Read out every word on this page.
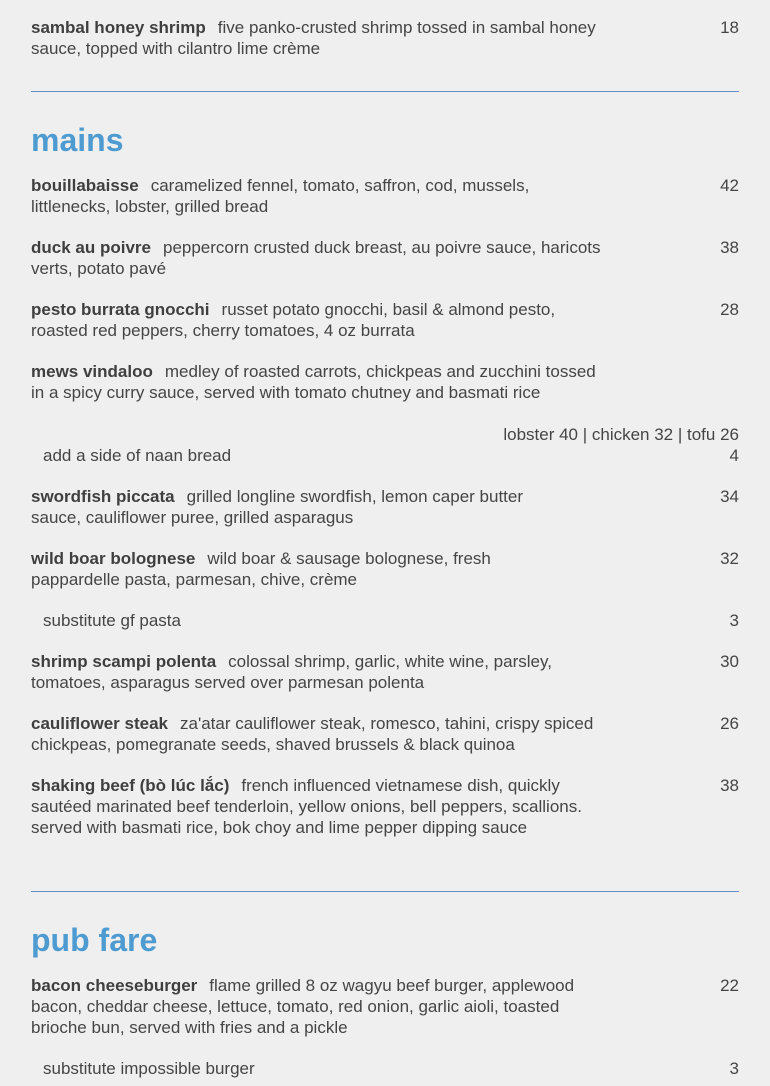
sambal honey shrimp five panko-crusted shrimp tossed in sambal honey sauce, topped with cilantro lime crème
18
mains
bouillabaisse caramelized fennel, tomato, saffron, cod, mussels, littlenecks, lobster, grilled bread
42
duck au poivre peppercorn crusted duck breast, au poivre sauce, haricots verts, potato pavé
38
pesto burrata gnocchi russet potato gnocchi, basil & almond pesto, roasted red peppers, cherry tomatoes, 4 oz burrata
28
mews vindaloo medley of roasted carrots, chickpeas and zucchini tossed in a spicy curry sauce, served with tomato chutney and basmati rice
lobster 40 | chicken 32 | tofu 26
add a side of naan bread	4
swordfish piccata grilled longline swordfish, lemon caper butter sauce, cauliflower puree, grilled asparagus
34
wild boar bolognese wild boar & sausage bolognese, fresh pappardelle pasta, parmesan, chive, crème
32
substitute gf pasta	3
shrimp scampi polenta colossal shrimp, garlic, white wine, parsley, tomatoes, asparagus served over parmesan polenta
30
cauliflower steak za'atar cauliflower steak, romesco, tahini, crispy spiced chickpeas, pomegranate seeds, shaved brussels & black quinoa
26
shaking beef (bò lúc lắc) french influenced vietnamese dish, quickly sautéed marinated beef tenderloin, yellow onions, bell peppers, scallions. served with basmati rice, bok choy and lime pepper dipping sauce
38
pub fare
bacon cheeseburger flame grilled 8 oz wagyu beef burger, applewood bacon, cheddar cheese, lettuce, tomato, red onion, garlic aioli, toasted brioche bun, served with fries and a pickle
22
substitute impossible burger	3
